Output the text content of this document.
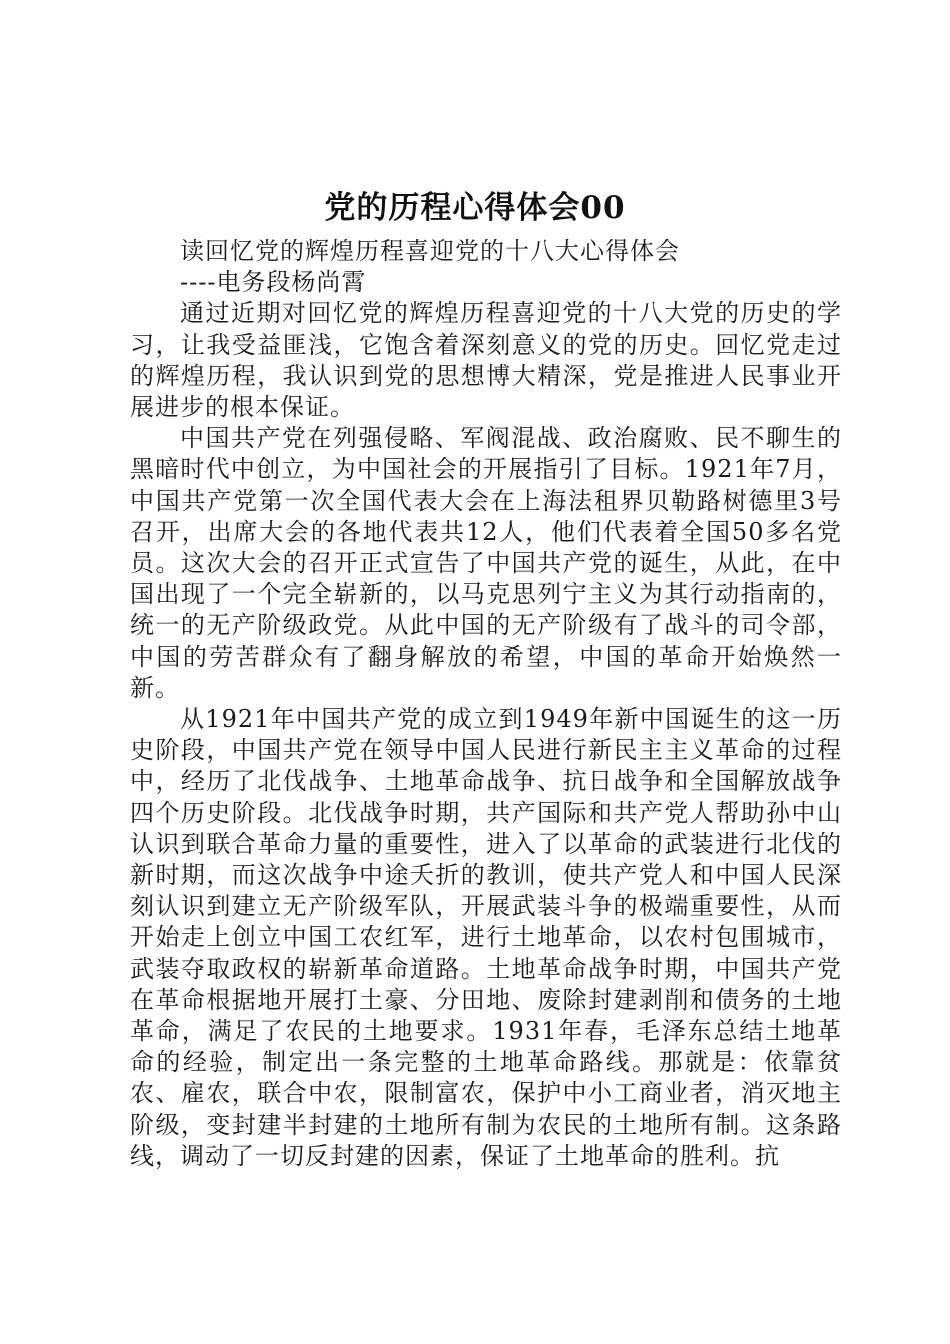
党的历程心得体会00

读回忆党的辉煌历程喜迎党的十八大心得体会

----电务段杨尚霄

通过近期对回忆党的辉煌历程喜迎党的十八大党的历史的学习，让我受益匪浅，它饱含着深刻意义的党的历史。回忆党走过的辉煌历程，我认识到党的思想博大精深，党是推进人民事业开展进步的根本保证。

中国共产党在列强侵略、军阀混战、政治腐败、民不聊生的黑暗时代中创立，为中国社会的开展指引了目标。1921年7月，中国共产党第一次全国代表大会在上海法租界贝勒路树德里3号召开，出席大会的各地代表共12人，他们代表着全国50多名党员。这次大会的召开正式宣告了中国共产党的诞生，从此，在中国出现了一个完全崭新的，以马克思列宁主义为其行动指南的，统一的无产阶级政党。从此中国的无产阶级有了战斗的司令部，中国的劳苦群众有了翻身解放的希望，中国的革命开始焕然一新。

从1921年中国共产党的成立到1949年新中国诞生的这一历史阶段，中国共产党在领导中国人民进行新民主主义革命的过程中，经历了北伐战争、土地革命战争、抗日战争和全国解放战争四个历史阶段。北伐战争时期，共产国际和共产党人帮助孙中山认识到联合革命力量的重要性，进入了以革命的武装进行北伐的新时期，而这次战争中途夭折的教训，使共产党人和中国人民深刻认识到建立无产阶级军队，开展武装斗争的极端重要性，从而开始走上创立中国工农红军，进行土地革命，以农村包围城市，武装夺取政权的崭新革命道路。土地革命战争时期，中国共产党在革命根据地开展打土豪、分田地、废除封建剥削和债务的土地革命，满足了农民的土地要求。1931年春，毛泽东总结土地革命的经验，制定出一条完整的土地革命路线。那就是：依靠贫农、雇农，联合中农，限制富农，保护中小工商业者，消灭地主阶级，变封建半封建的土地所有制为农民的土地所有制。这条路线，调动了一切反封建的因素，保证了土地革命的胜利。抗
